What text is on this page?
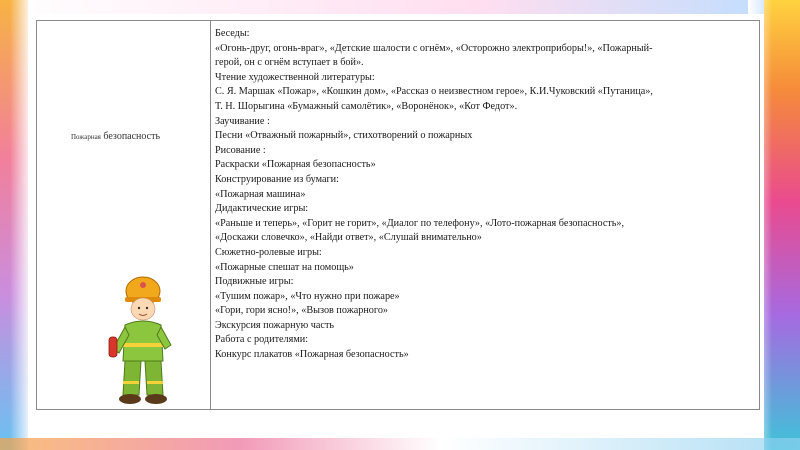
Пожарная безопасность
Беседы:
«Огонь-друг, огонь-враг», «Детские шалости с огнём», «Осторожно электроприборы!», «Пожарный-
герой, он с огнём вступает в бой».
Чтение художественной литературы:
С. Я. Маршак «Пожар», «Кошкин дом», «Рассказ о неизвестном герое», К.И.Чуковский «Путаница»,
Т. Н. Шорыгина «Бумажный самолётик», «Воронёнок», «Кот Федот».
Заучивание :
Песни «Отважный пожарный», стихотворений о пожарных
Рисование :
Раскраски «Пожарная безопасность»
Конструирование из бумаги:
«Пожарная машина»
Дидактические игры:
«Раньше и теперь», «Горит не горит», «Диалог по телефону», «Лото-пожарная безопасность»,
«Доскажи словечко», «Найди ответ», «Слушай внимательно»
Сюжетно-ролевые игры:
«Пожарные спешат на помощь»
Подвижные игры:
«Тушим пожар», «Что нужно при пожаре»
«Гори, гори ясно!», «Вызов пожарного»
Экскурсия пожарную часть
Работа с родителями:
Конкурс плакатов «Пожарная безопасность»
